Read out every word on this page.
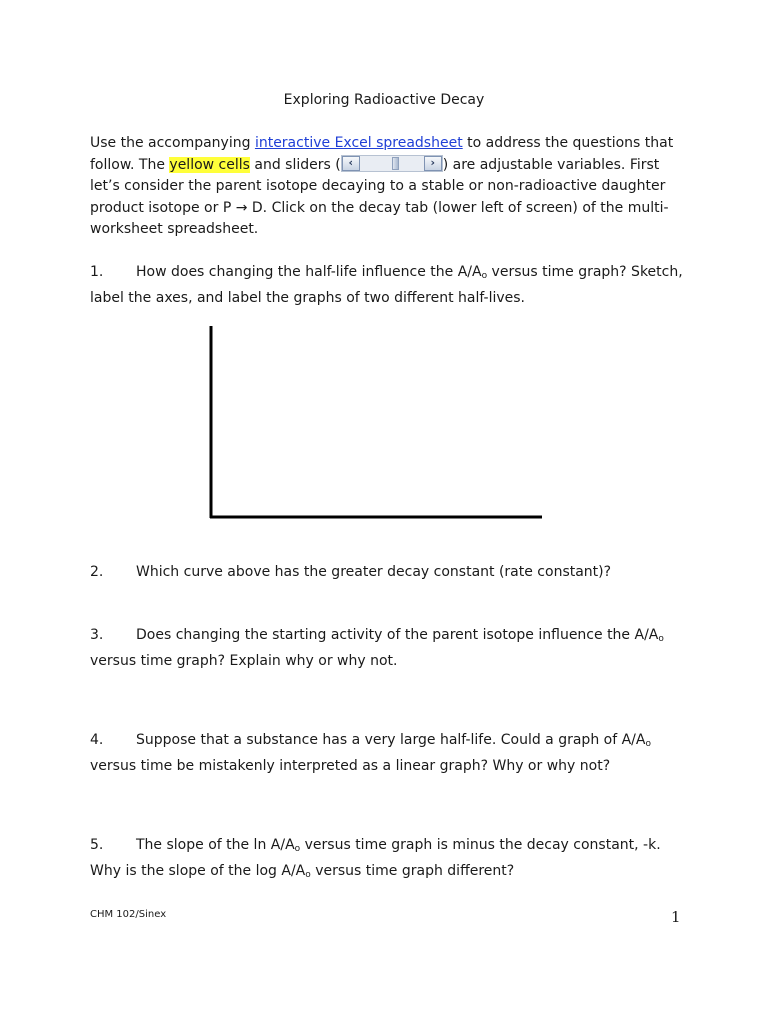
Exploring Radioactive Decay
Use the accompanying interactive Excel spreadsheet to address the questions that follow. The yellow cells and sliders ( ‹	› ) are adjustable variables. First let’s consider the parent isotope decaying to a stable or non-radioactive daughter product isotope or P → D. Click on the decay tab (lower left of screen) of the multi-worksheet spreadsheet.
1. How does changing the half-life influence the $A/A_o$ versus time graph? Sketch, label the axes, and label the graphs of two different half-lives.
2. Which curve above has the greater decay constant (rate constant)?
3. Does changing the starting activity of the parent isotope influence the $A/A_o$ versus time graph? Explain why or why not.
4. Suppose that a substance has a very large half-life. Could a graph of $A/A_o$ versus time be mistakenly interpreted as a linear graph? Why or why not?
5. The slope of the $\ln A/A_o$ versus time graph is minus the decay constant, -k. Why is the slope of the $\log A/A_o$ versus time graph different?
CHM 102/Sinex	1
